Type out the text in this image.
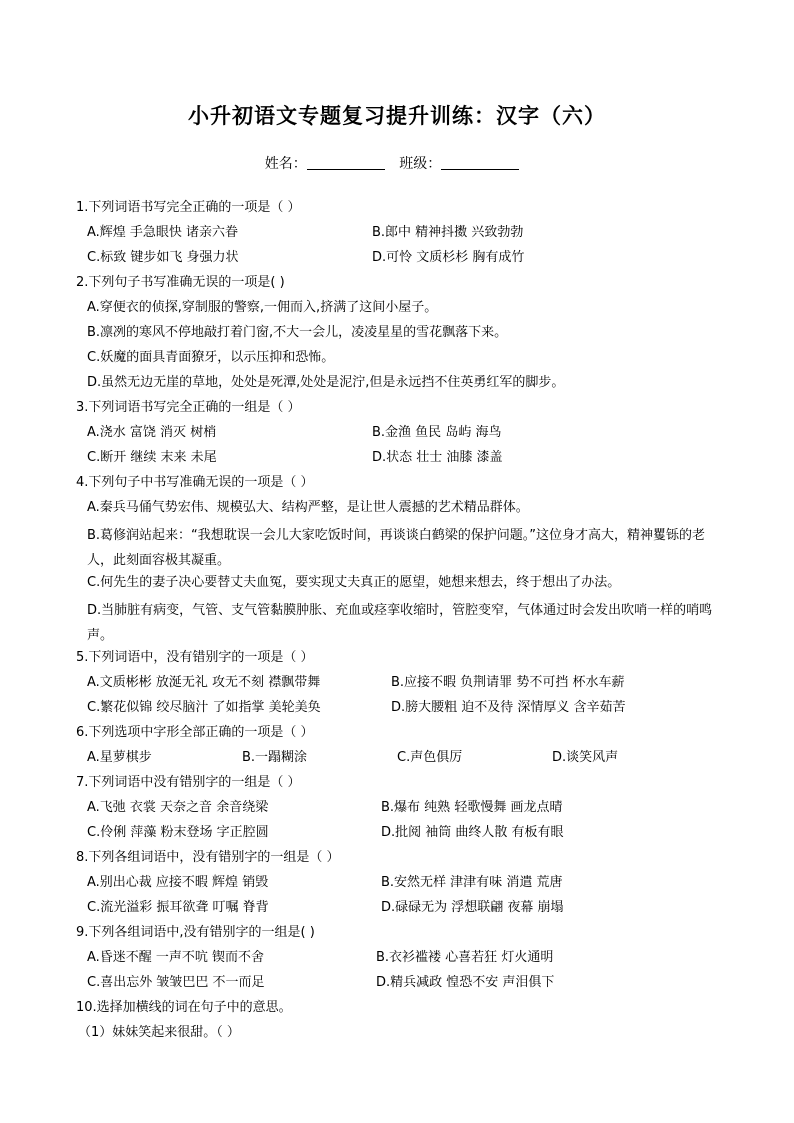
小升初语文专题复习提升训练：汉字（六）
姓名：	班级：
1.下列词语书写完全正确的一项是（ ）
A.辉煌 手急眼快 诸亲六眷	B.郎中 精神抖擞 兴致勃勃
C.标致 键步如飞 身强力状	D.可怜 文质杉杉 胸有成竹
2.下列句子书写准确无误的一项是( )
A.穿便衣的侦探,穿制服的警察,一佣而入,挤满了这间小屋子。
B.凛冽的寒风不停地敲打着门窗,不大一会儿，凌凌星星的雪花飘落下来。
C.妖魔的面具青面獠牙，以示压抑和恐怖。
D.虽然无边无崖的草地，处处是死潭,处处是泥泞,但是永远挡不住英勇红军的脚步。
3.下列词语书写完全正确的一组是（ ）
A.浇水 富饶 消灭 树梢	B.金渔 鱼民 岛屿 海鸟
C.断开 继续 末来 未尾	D.状态 壮士 油膝 漆盖
4.下列句子中书写准确无误的一项是（ ）
A.秦兵马俑气势宏伟、规模弘大、结构严整，是让世人震撼的艺术精品群体。
B.葛修润站起来：“我想耽误一会儿大家吃饭时间，再谈谈白鹤梁的保护问题。”这位身才高大，精神矍铄的老人，此刻面容极其凝重。
C.何先生的妻子决心要替丈夫血冤，要实现丈夫真正的愿望，她想来想去，终于想出了办法。
D.当肺脏有病变，气管、支气管黏膜肿胀、充血或痉挛收缩时，管腔变窄，气体通过时会发出吹哨一样的哨鸣声。
5.下列词语中，没有错别字的一项是（ ）
A.文质彬彬 放涎无礼 攻无不刻 襟飘带舞	B.应接不暇 负荆请罪 势不可挡 杯水车薪
C.繁花似锦 绞尽脑汁 了如指掌 美轮美奂	D.膀大腰粗 迫不及待 深情厚义 含辛茹苦
6.下列选项中字形全部正确的一项是（ ）
A.星萝棋步	B.一蹋糊涂	C.声色俱厉	D.谈笑风声
7.下列词语中没有错别字的一组是（ ）
A.飞弛 衣裳 天奈之音 余音绕梁	B.爆布 纯熟 轻歌慢舞 画龙点晴
C.伶俐 萍藻 粉末登场 字正腔圆	D.批阅 袖筒 曲终人散 有板有眼
8.下列各组词语中，没有错别字的一组是（ ）
A.别出心裁 应接不暇 辉煌 销毁	B.安然无样 津津有味 消遣 荒唐
C.流光溢彩 振耳欲聋 叮嘱 脊背	D.碌碌无为 浮想联翩 夜幕 崩塌
9.下列各组词语中,没有错别字的一组是( )
A.昏迷不醒 一声不吭 锲而不舍	B.衣衫褴褛 心喜若狂 灯火通明
C.喜出忘外 皱皱巴巴 不一而足	D.精兵减政 惶恐不安 声泪俱下
10.选择加横线的词在句子中的意思。
（1）妹妹笑起来很甜。（ ）
